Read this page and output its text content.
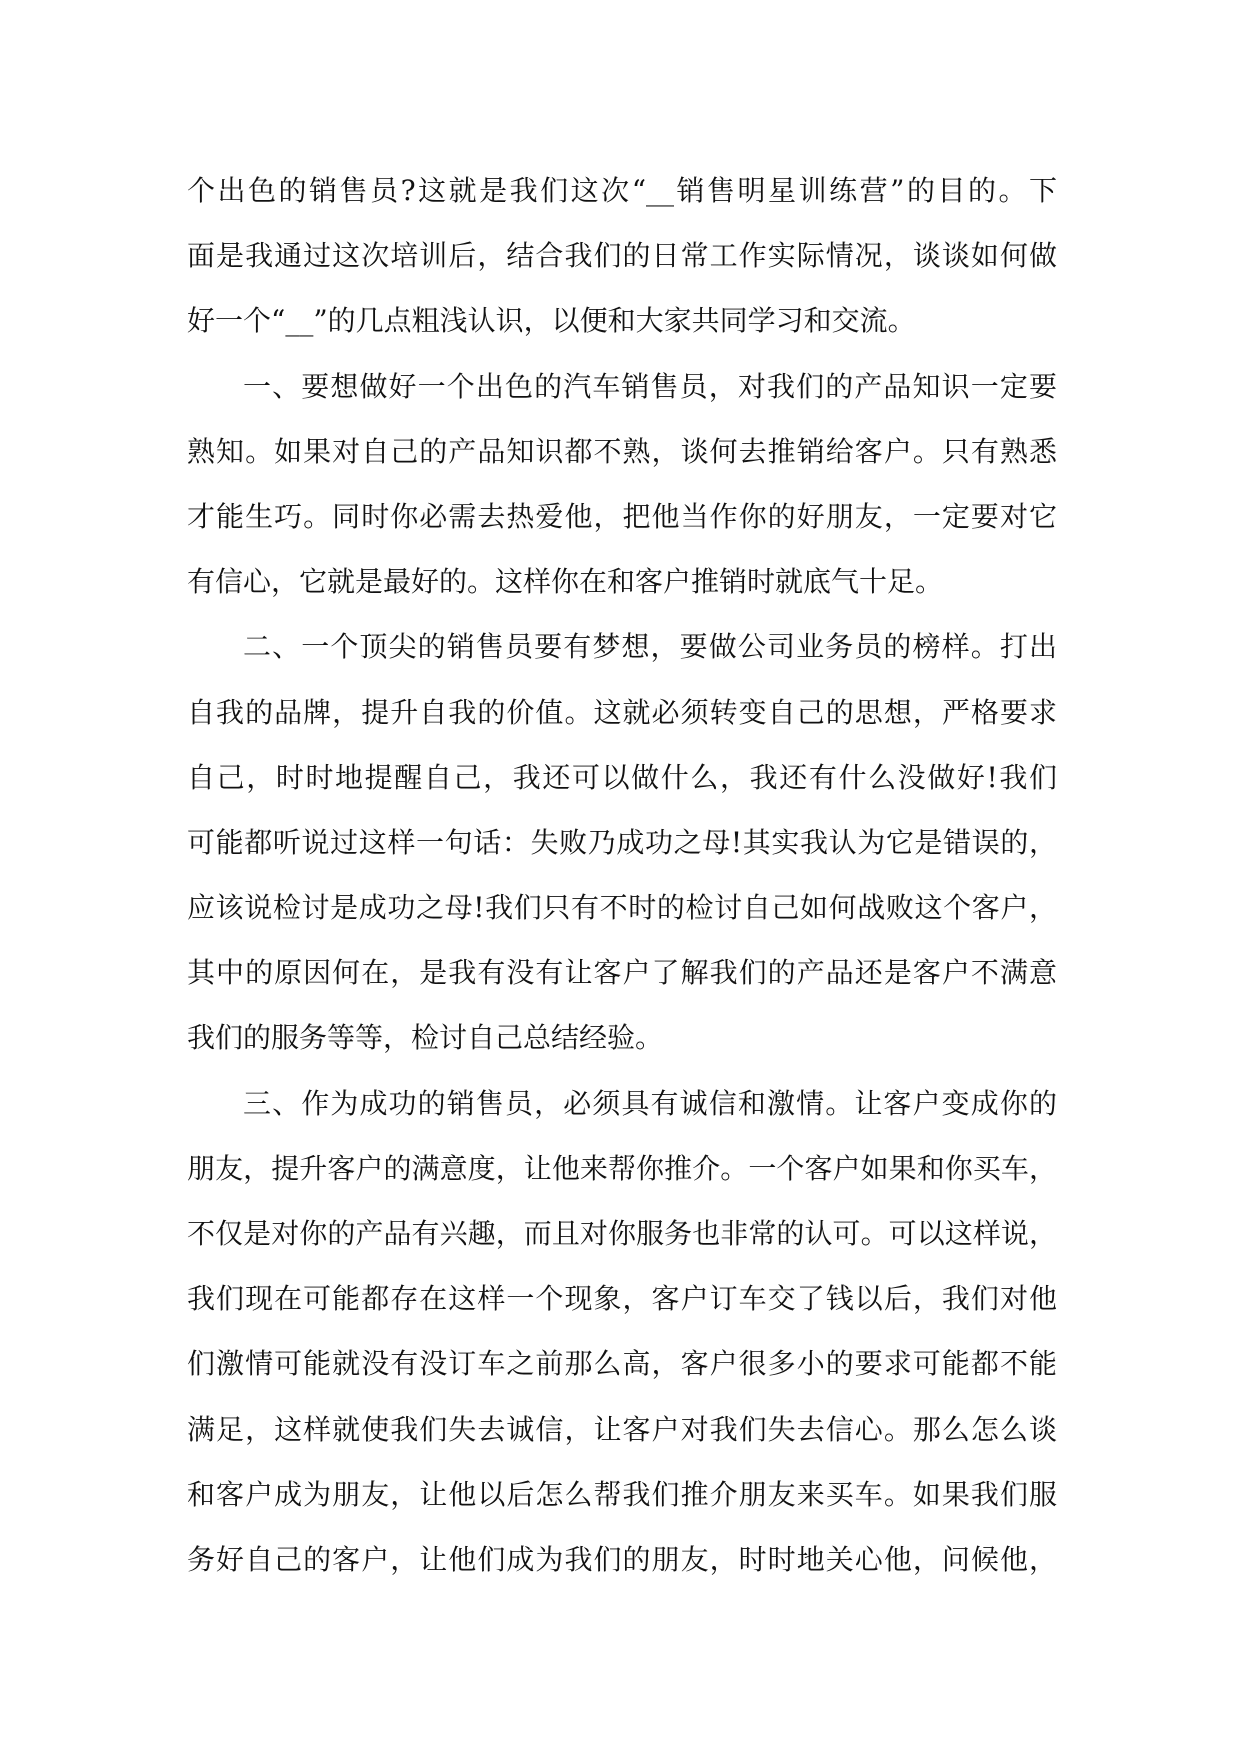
个出色的销售员?这就是我们这次“__销售明星训练营”的目的。下
面是我通过这次培训后，结合我们的日常工作实际情况，谈谈如何做
好一个“__”的几点粗浅认识，以便和大家共同学习和交流。
一、要想做好一个出色的汽车销售员，对我们的产品知识一定要
熟知。如果对自己的产品知识都不熟，谈何去推销给客户。只有熟悉
才能生巧。同时你必需去热爱他，把他当作你的好朋友，一定要对它
有信心，它就是最好的。这样你在和客户推销时就底气十足。
二、一个顶尖的销售员要有梦想，要做公司业务员的榜样。打出
自我的品牌，提升自我的价值。这就必须转变自己的思想，严格要求
自己，时时地提醒自己，我还可以做什么，我还有什么没做好!我们
可能都听说过这样一句话：失败乃成功之母!其实我认为它是错误的，
应该说检讨是成功之母!我们只有不时的检讨自己如何战败这个客户，
其中的原因何在，是我有没有让客户了解我们的产品还是客户不满意
我们的服务等等，检讨自己总结经验。
三、作为成功的销售员，必须具有诚信和激情。让客户变成你的
朋友，提升客户的满意度，让他来帮你推介。一个客户如果和你买车，
不仅是对你的产品有兴趣，而且对你服务也非常的认可。可以这样说，
我们现在可能都存在这样一个现象，客户订车交了钱以后，我们对他
们激情可能就没有没订车之前那么高，客户很多小的要求可能都不能
满足，这样就使我们失去诚信，让客户对我们失去信心。那么怎么谈
和客户成为朋友，让他以后怎么帮我们推介朋友来买车。如果我们服
务好自己的客户，让他们成为我们的朋友，时时地关心他，问候他，
